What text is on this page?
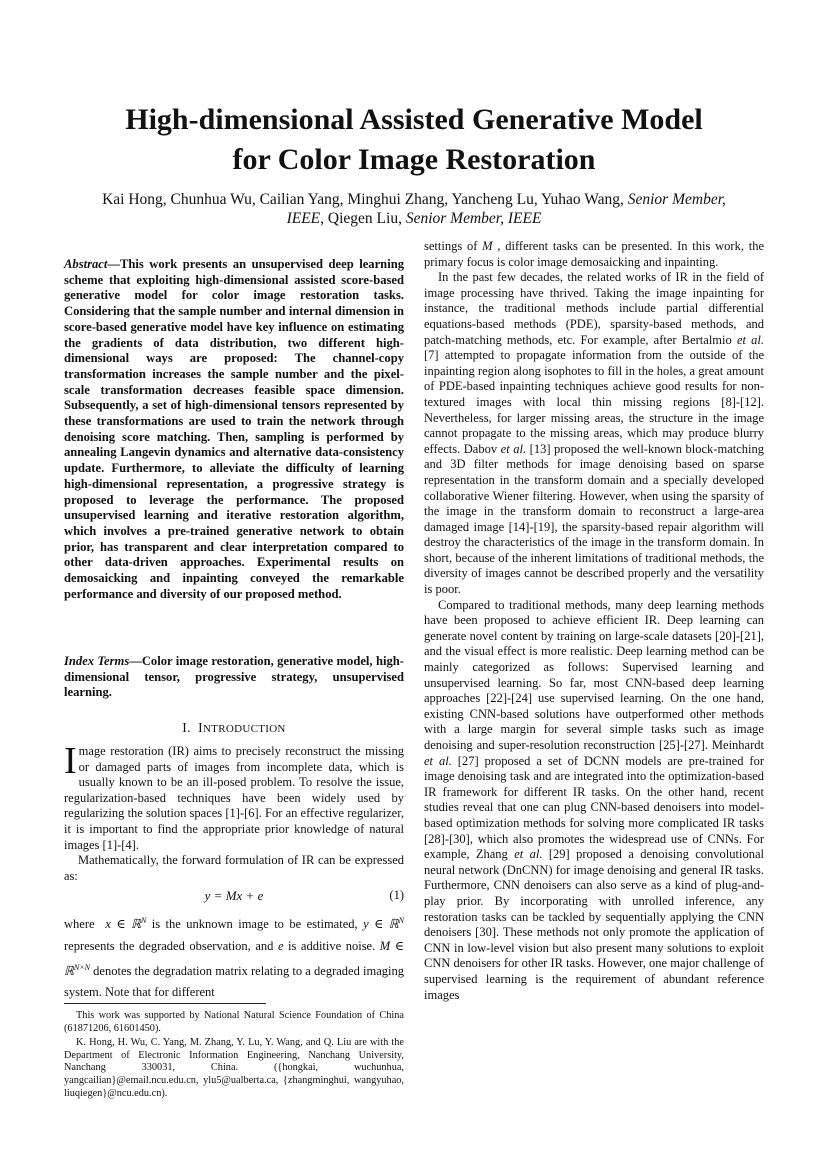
High-dimensional Assisted Generative Model
for Color Image Restoration
Kai Hong, Chunhua Wu, Cailian Yang, Minghui Zhang, Yancheng Lu, Yuhao Wang, Senior Member,
IEEE, Qiegen Liu, Senior Member, IEEE
Abstract—This work presents an unsupervised deep learning scheme that exploiting high-dimensional assisted score-based generative model for color image restoration tasks. Considering that the sample number and internal dimension in score-based generative model have key influence on estimating the gradients of data distribution, two different high-dimensional ways are proposed: The channel-copy transformation increases the sample number and the pixel-scale transformation decreases feasible space dimension. Subsequently, a set of high-dimensional tensors represented by these transformations are used to train the network through denoising score matching. Then, sampling is performed by annealing Langevin dynamics and alternative data-consistency update. Furthermore, to alleviate the difficulty of learning high-dimensional representation, a progressive strategy is proposed to leverage the performance. The proposed unsupervised learning and iterative restoration algorithm, which involves a pre-trained generative network to obtain prior, has transparent and clear interpretation compared to other data-driven approaches. Experimental results on demosaicking and inpainting conveyed the remarkable performance and diversity of our proposed method.
Index Terms—Color image restoration, generative model, high-dimensional tensor, progressive strategy, unsupervised learning.
I. INTRODUCTION

Image restoration (IR) aims to precisely reconstruct the missing or damaged parts of images from incomplete data, which is usually known to be an ill-posed problem. To resolve the issue, regularization-based techniques have been widely used by regularizing the solution spaces [1]-[6]. For an effective regularizer, it is important to find the appropriate prior knowledge of natural images [1]-[4].

Mathematically, the forward formulation of IR can be expressed as:

y = Mx + e	(1)

where x ∈ ℝ$^N$ is the unknown image to be estimated, y ∈ ℝ$^N$ represents the degraded observation, and e is additive noise. M ∈ ℝ$^{N\times N}$ denotes the degradation matrix relating to a degraded imaging system. Note that for different

This work was supported by National Natural Science Foundation of China (61871206, 61601450).

K. Hong, H. Wu, C. Yang, M. Zhang, Y. Lu, Y. Wang, and Q. Liu are with the Department of Electronic Information Engineering, Nanchang University, Nanchang 330031, China. ({hongkai, wuchunhua, yangcailian}@email.ncu.edu.cn, ylu5@ualberta.ca, {zhangminghui, wangyuhao, liuqiegen}@ncu.edu.cn).

settings of M , different tasks can be presented. In this work, the primary focus is color image demosaicking and inpainting.

In the past few decades, the related works of IR in the field of image processing have thrived. Taking the image inpainting for instance, the traditional methods include partial differential equations-based methods (PDE), sparsity-based methods, and patch-matching methods, etc. For example, after Bertalmio et al. [7] attempted to propagate information from the outside of the inpainting region along isophotes to fill in the holes, a great amount of PDE-based inpainting techniques achieve good results for non-textured images with local thin missing regions [8]-[12]. Nevertheless, for larger missing areas, the structure in the image cannot propagate to the missing areas, which may produce blurry effects. Dabov et al. [13] proposed the well-known block-matching and 3D filter methods for image denoising based on sparse representation in the transform domain and a specially developed collaborative Wiener filtering. However, when using the sparsity of the image in the transform domain to reconstruct a large-area damaged image [14]-[19], the sparsity-based repair algorithm will destroy the characteristics of the image in the transform domain. In short, because of the inherent limitations of traditional methods, the diversity of images cannot be described properly and the versatility is poor.

Compared to traditional methods, many deep learning methods have been proposed to achieve efficient IR. Deep learning can generate novel content by training on large-scale datasets [20]-[21], and the visual effect is more realistic. Deep learning method can be mainly categorized as follows: Supervised learning and unsupervised learning. So far, most CNN-based deep learning approaches [22]-[24] use supervised learning. On the one hand, existing CNN-based solutions have outperformed other methods with a large margin for several simple tasks such as image denoising and super-resolution reconstruction [25]-[27]. Meinhardt et al. [27] proposed a set of DCNN models are pre-trained for image denoising task and are integrated into the optimization-based IR framework for different IR tasks. On the other hand, recent studies reveal that one can plug CNN-based denoisers into model-based optimization methods for solving more complicated IR tasks [28]-[30], which also promotes the widespread use of CNNs. For example, Zhang et al. [29] proposed a denoising convolutional neural network (DnCNN) for image denoising and general IR tasks. Furthermore, CNN denoisers can also serve as a kind of plug-and-play prior. By incorporating with unrolled inference, any restoration tasks can be tackled by sequentially applying the CNN denoisers [30]. These methods not only promote the application of CNN in low-level vision but also present many solutions to exploit CNN denoisers for other IR tasks. However, one major challenge of supervised learning is the requirement of abundant reference images
